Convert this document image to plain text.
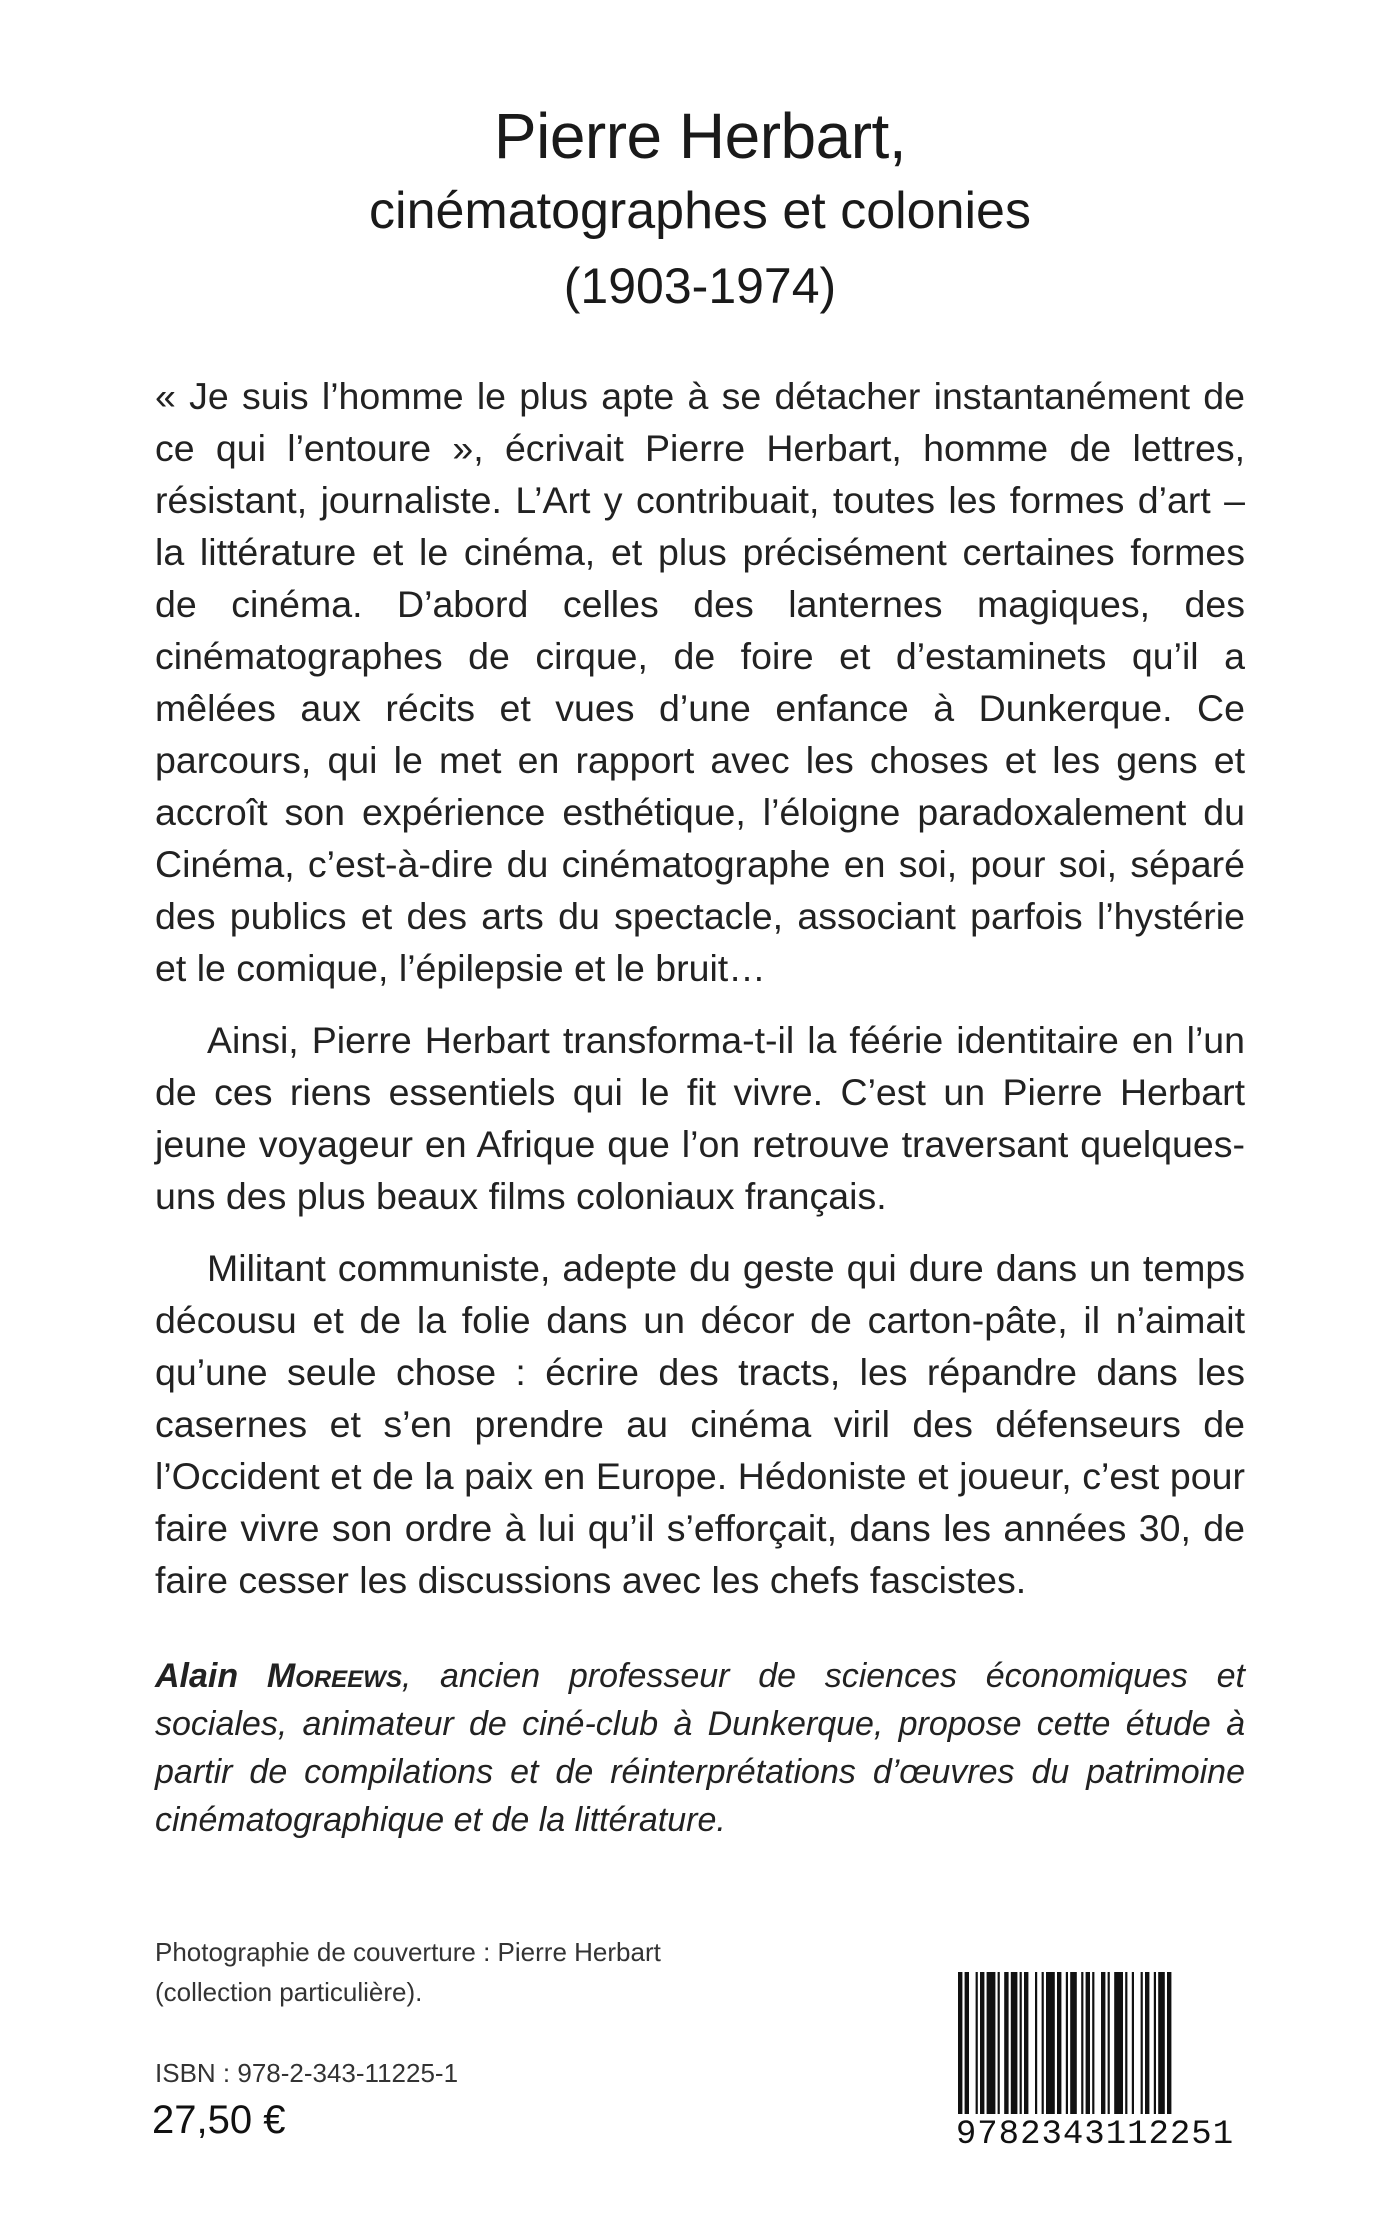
Pierre Herbart,
cinématographes et colonies
(1903-1974)

« Je suis l’homme le plus apte à se détacher instantanément de ce qui l’entoure », écrivait Pierre Herbart, homme de lettres, résistant, journaliste. L’Art y contribuait, toutes les formes d’art – la littérature et le cinéma, et plus précisément certaines formes de cinéma. D’abord celles des lanternes magiques, des cinématographes de cirque, de foire et d’estaminets qu’il a mêlées aux récits et vues d’une enfance à Dunkerque. Ce parcours, qui le met en rapport avec les choses et les gens et accroît son expérience esthétique, l’éloigne paradoxalement du Cinéma, c’est-à-dire du cinématographe en soi, pour soi, séparé des publics et des arts du spectacle, associant parfois l’hystérie et le comique, l’épilepsie et le bruit…

Ainsi, Pierre Herbart transforma-t-il la féérie identitaire en l’un de ces riens essentiels qui le fit vivre. C’est un Pierre Herbart jeune voyageur en Afrique que l’on retrouve traversant quelques-uns des plus beaux films coloniaux français.

Militant communiste, adepte du geste qui dure dans un temps décousu et de la folie dans un décor de carton-pâte, il n’aimait qu’une seule chose : écrire des tracts, les répandre dans les casernes et s’en prendre au cinéma viril des défenseurs de l’Occident et de la paix en Europe. Hédoniste et joueur, c’est pour faire vivre son ordre à lui qu’il s’efforçait, dans les années 30, de faire cesser les discussions avec les chefs fascistes.

Alain Moreews, ancien professeur de sciences économiques et sociales, animateur de ciné-club à Dunkerque, propose cette étude à partir de compilations et de réinterprétations d’œuvres du patrimoine cinématographique et de la littérature.
Photographie de couverture : Pierre Herbart
(collection particulière).
ISBN : 978-2-343-11225-1
27,50 €	9782343112251
